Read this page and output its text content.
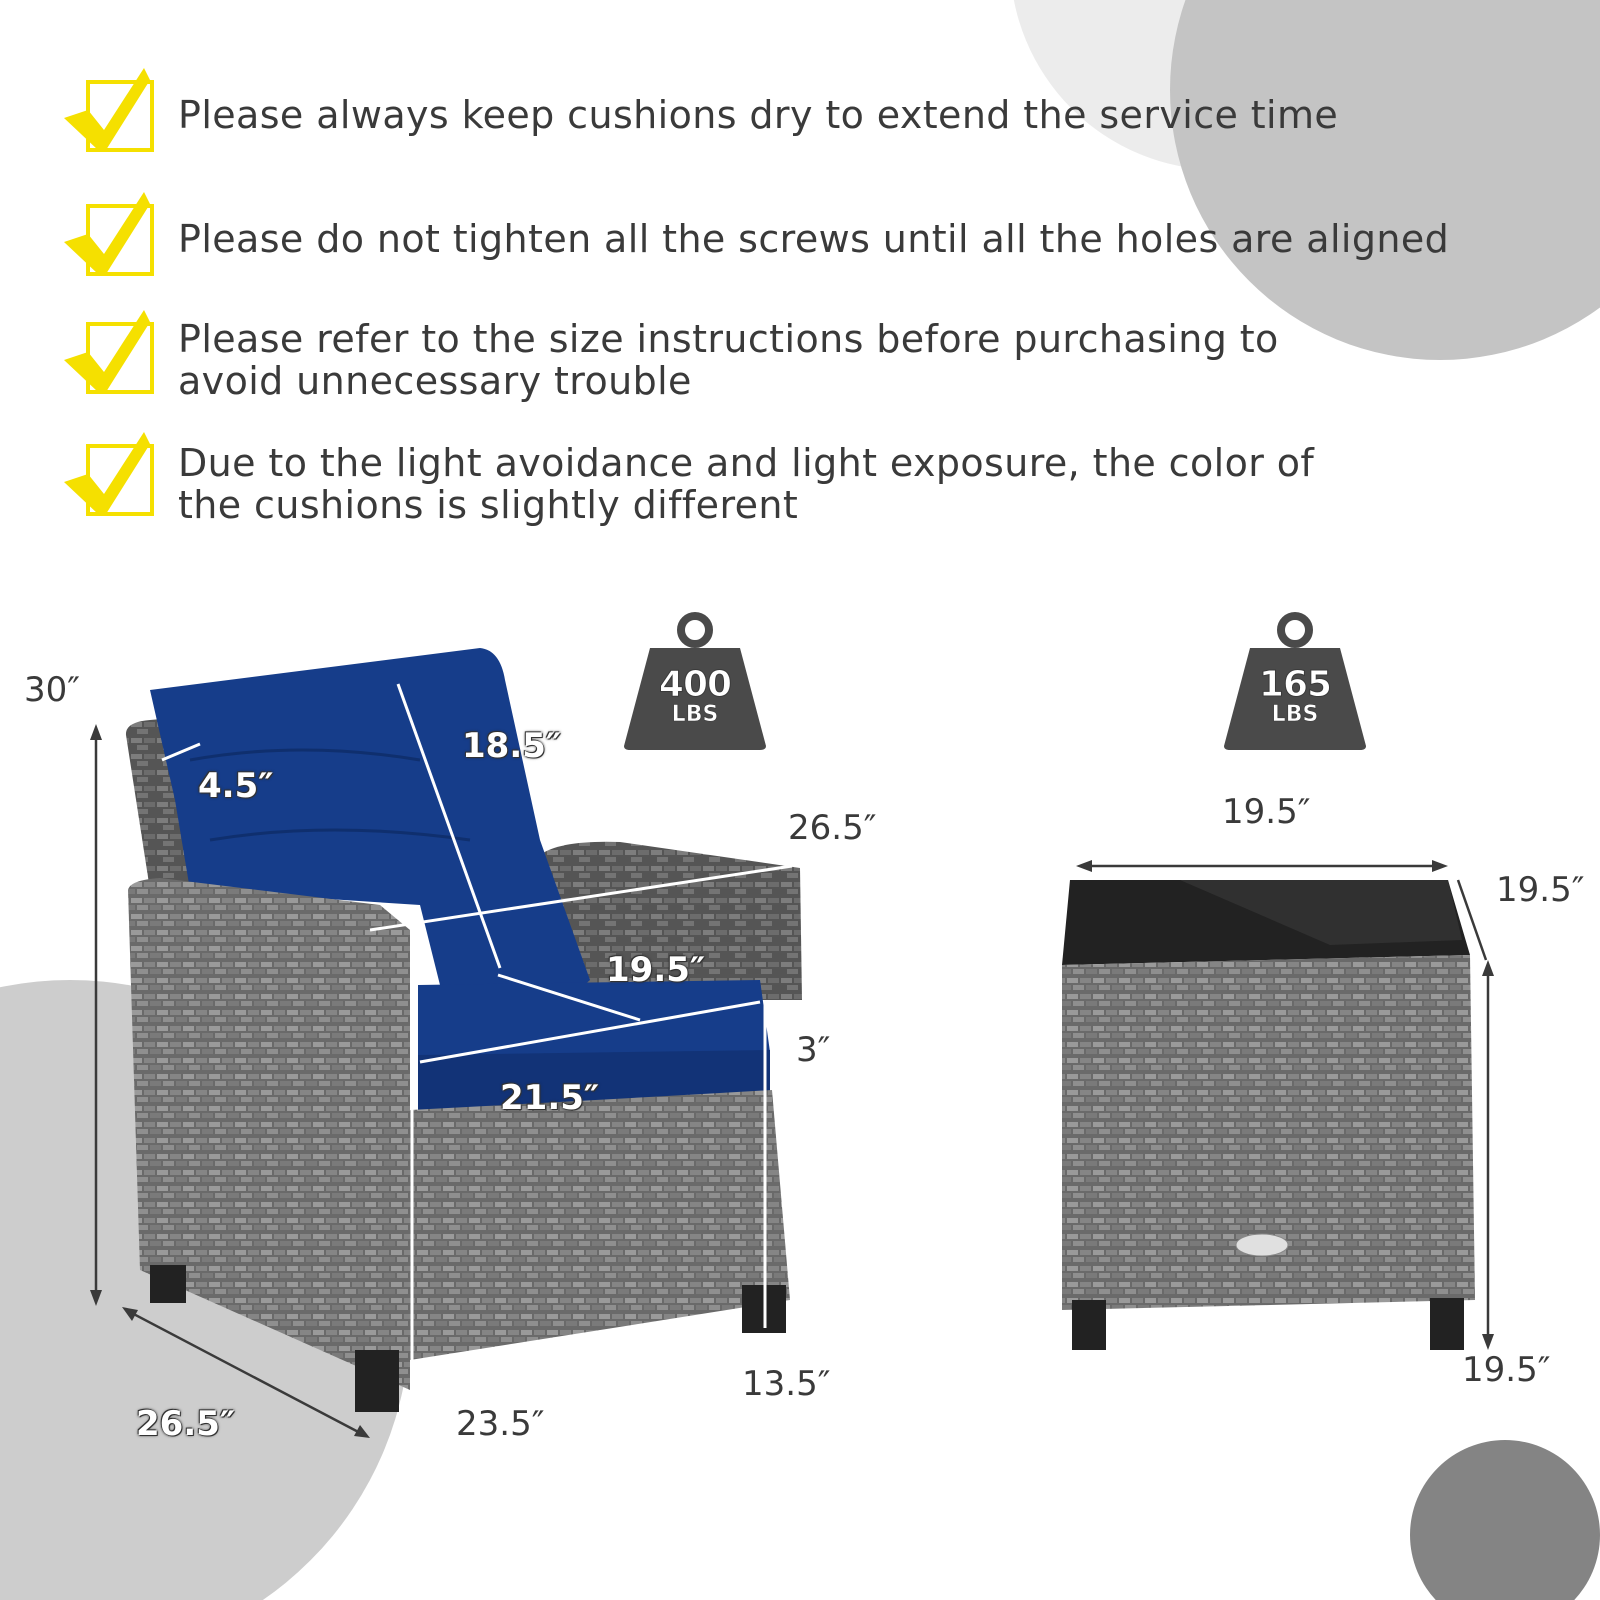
Please always keep cushions dry to extend the service time

Please do not tighten all the screws until all the holes are aligned

Please refer to the size instructions before purchasing to

avoid unnecessary trouble

Due to the light avoidance and light exposure, the color of

the cushions is slightly different

400
LBS

30″

4.5″

18.5″

26.5″

19.5″

3″

21.5″

13.5″

23.5″

26.5″

165
LBS

19.5″

19.5″

19.5″
